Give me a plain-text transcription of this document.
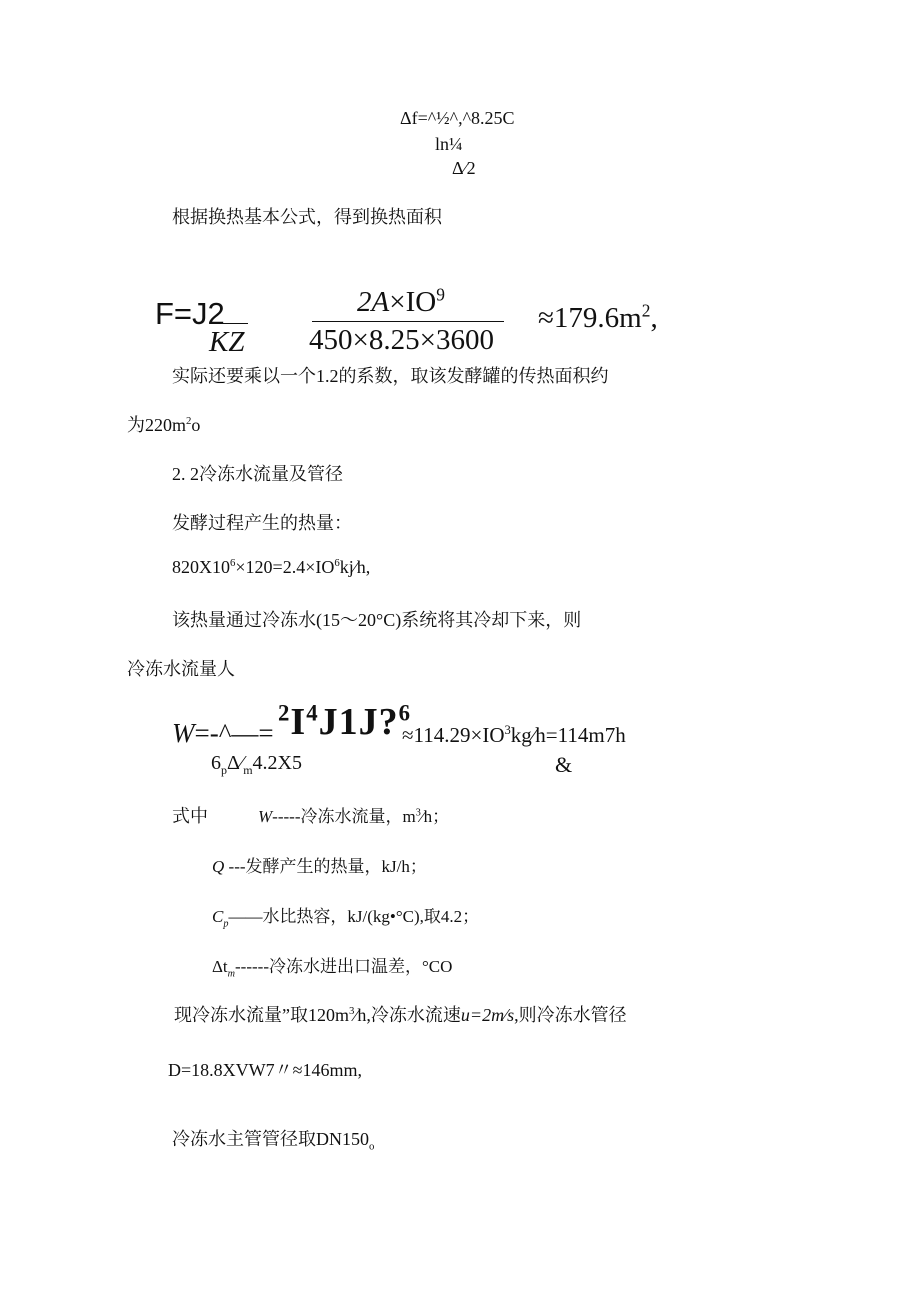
Δf=^½^,^8.25C
ln¼
Δ⁄2
根据换热基本公式，得到换热面积
F=J2
KZ
$2A\times IO^9$
450×8.25×3600
$\approx 179.6m^2$,
实际还要乘以一个1.2的系数，取该发酵罐的传热面积约
为$220m^2o$
2. 2冷冻水流量及管径
发酵过程产生的热量：
$820X10^6\times 120=2.4\times IO^6kj⁄h$,
该热量通过冷冻水(15～20°C)系统将其冷却下来，则
冷冻水流量人
W=-^—=
$^2I^4J1J?^6$
$\approx 114.29\times IO^3kg⁄h=114m7h$
$6_p\Delta⁄_m4.2X5$	&
式中	W-----冷冻水流量，$m^3⁄h$；
Q ---发酵产生的热量，kJ/h；
$C_p——$水比热容，kJ/(kg•°C),取4.2；
$\Delta t_m------$冷冻水进出口温差，°CO
现冷冻水流量”取$120m^3⁄h$,冷冻水流速u=2m⁄s,则冷冻水管径
D=18.8XVW7〃≈146mm,
冷冻水主管管径取$DN150_o$
